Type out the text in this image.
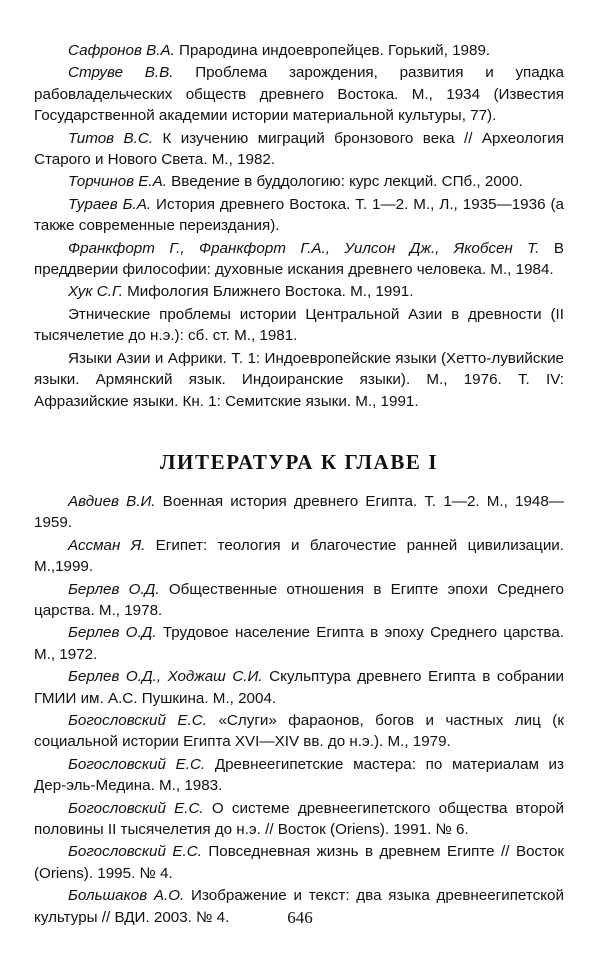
Сафронов В.А. Прародина индоевропейцев. Горький, 1989.

Струве В.В. Проблема зарождения, развития и упадка рабовладельческих обществ древнего Востока. М., 1934 (Известия Государственной академии истории материальной культуры, 77).

Титов В.С. К изучению миграций бронзового века // Археология Старого и Нового Света. М., 1982.

Торчинов Е.А. Введение в буддологию: курс лекций. СПб., 2000.

Тураев Б.А. История древнего Востока. Т. 1—2. М., Л., 1935—1936 (а также современные переиздания).

Франкфорт Г., Франкфорт Г.А., Уилсон Дж., Якобсен Т. В преддверии философии: духовные искания древнего человека. М., 1984.

Хук С.Г. Мифология Ближнего Востока. М., 1991.

Этнические проблемы истории Центральной Азии в древности (II тысячелетие до н.э.): сб. ст. М., 1981.

Языки Азии и Африки. Т. 1: Индоевропейские языки (Хетто-лувийские языки. Армянский язык. Индоиранские языки). М., 1976. Т. IV: Афразийские языки. Кн. 1: Семитские языки. М., 1991.

ЛИТЕРАТУРА К ГЛАВЕ I

Авдиев В.И. Военная история древнего Египта. Т. 1—2. М., 1948—1959.

Ассман Я. Египет: теология и благочестие ранней цивилизации. М.,1999.

Берлев О.Д. Общественные отношения в Египте эпохи Среднего царства. М., 1978.

Берлев О.Д. Трудовое население Египта в эпоху Среднего царства. М., 1972.

Берлев О.Д., Ходжаш С.И. Скульптура древнего Египта в собрании ГМИИ им. А.С. Пушкина. М., 2004.

Богословский Е.С. «Слуги» фараонов, богов и частных лиц (к социальной истории Египта XVI—XIV вв. до н.э.). М., 1979.

Богословский Е.С. Древнеегипетские мастера: по материалам из Дер-эль-Медина. М., 1983.

Богословский Е.С. О системе древнеегипетского общества второй половины II тысячелетия до н.э. // Восток (Oriens). 1991. № 6.

Богословский Е.С. Повседневная жизнь в древнем Египте // Восток (Oriens). 1995. № 4.

Большаков А.О. Изображение и текст: два языка древнеегипетской культуры // ВДИ. 2003. № 4.	646
